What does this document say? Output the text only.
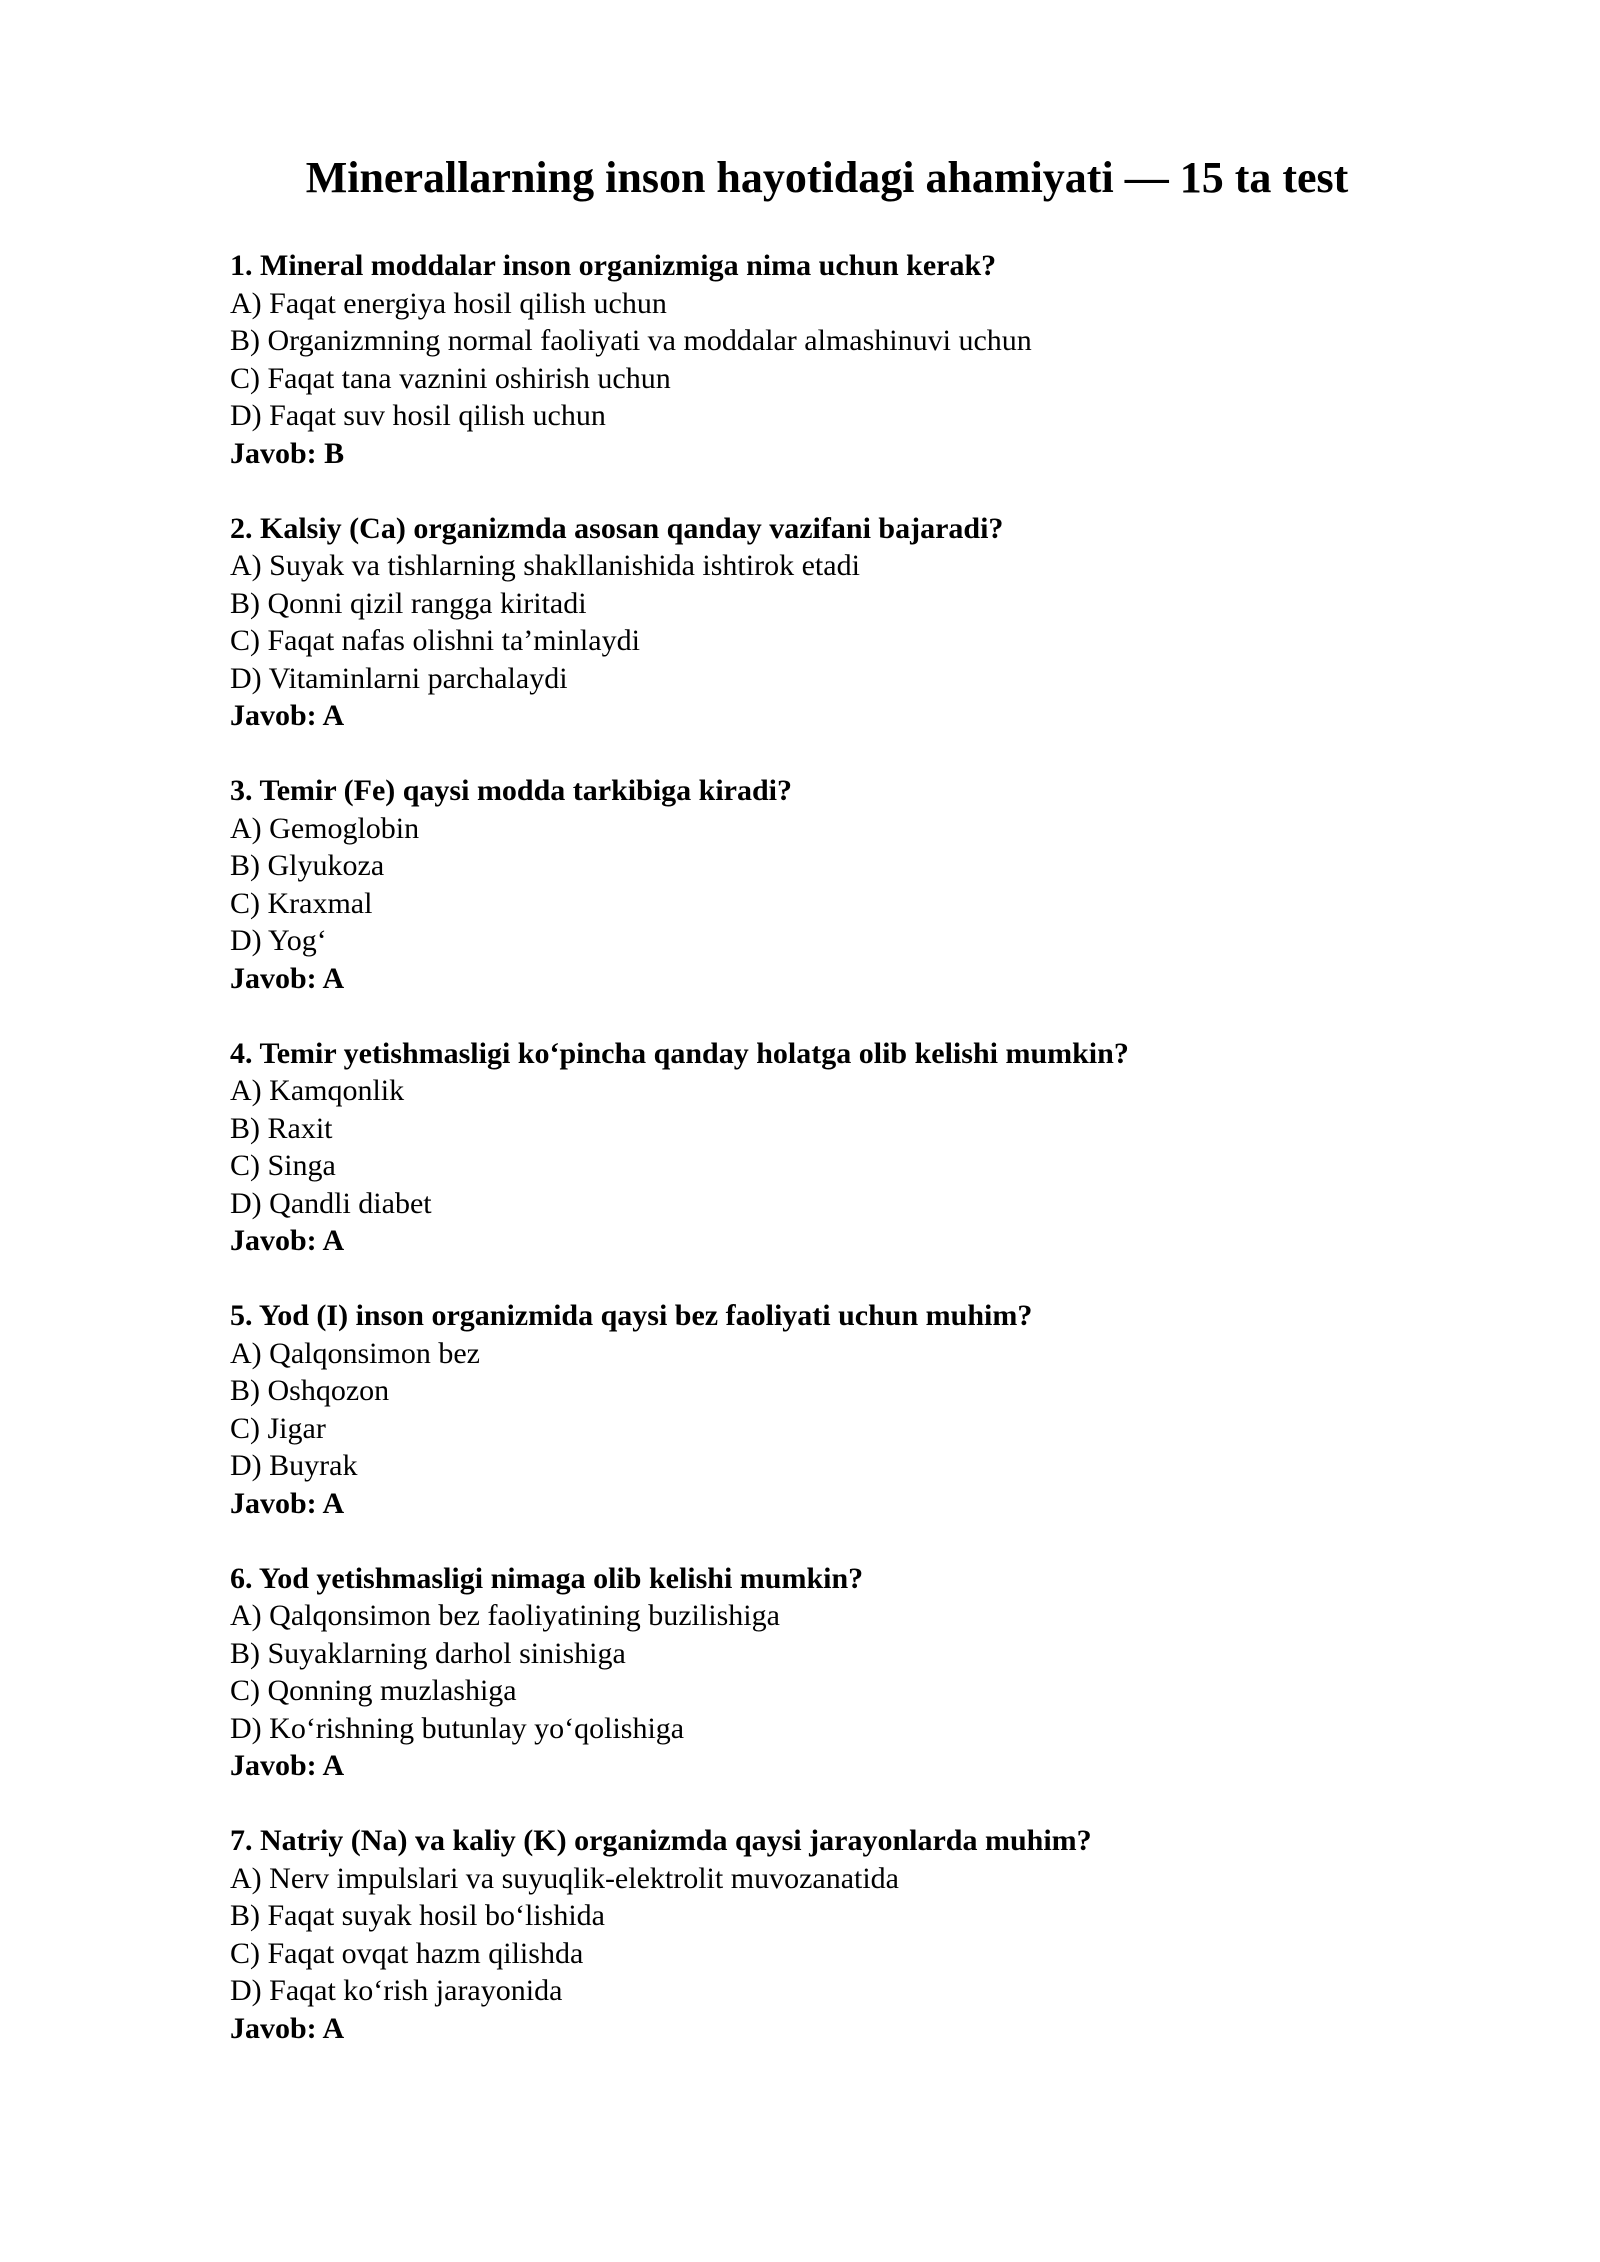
Minerallarning inson hayotidagi ahamiyati — 15 ta test
1. Mineral moddalar inson organizmiga nima uchun kerak?
A) Faqat energiya hosil qilish uchun
B) Organizmning normal faoliyati va moddalar almashinuvi uchun
C) Faqat tana vaznini oshirish uchun
D) Faqat suv hosil qilish uchun
Javob: B
2. Kalsiy (Ca) organizmda asosan qanday vazifani bajaradi?
A) Suyak va tishlarning shakllanishida ishtirok etadi
B) Qonni qizil rangga kiritadi
C) Faqat nafas olishni ta’minlaydi
D) Vitaminlarni parchalaydi
Javob: A
3. Temir (Fe) qaysi modda tarkibiga kiradi?
A) Gemoglobin
B) Glyukoza
C) Kraxmal
D) Yog‘
Javob: A
4. Temir yetishmasligi ko‘pincha qanday holatga olib kelishi mumkin?
A) Kamqonlik
B) Raxit
C) Singa
D) Qandli diabet
Javob: A
5. Yod (I) inson organizmida qaysi bez faoliyati uchun muhim?
A) Qalqonsimon bez
B) Oshqozon
C) Jigar
D) Buyrak
Javob: A
6. Yod yetishmasligi nimaga olib kelishi mumkin?
A) Qalqonsimon bez faoliyatining buzilishiga
B) Suyaklarning darhol sinishiga
C) Qonning muzlashiga
D) Ko‘rishning butunlay yo‘qolishiga
Javob: A
7. Natriy (Na) va kaliy (K) organizmda qaysi jarayonlarda muhim?
A) Nerv impulslari va suyuqlik-elektrolit muvozanatida
B) Faqat suyak hosil bo‘lishida
C) Faqat ovqat hazm qilishda
D) Faqat ko‘rish jarayonida
Javob: A
